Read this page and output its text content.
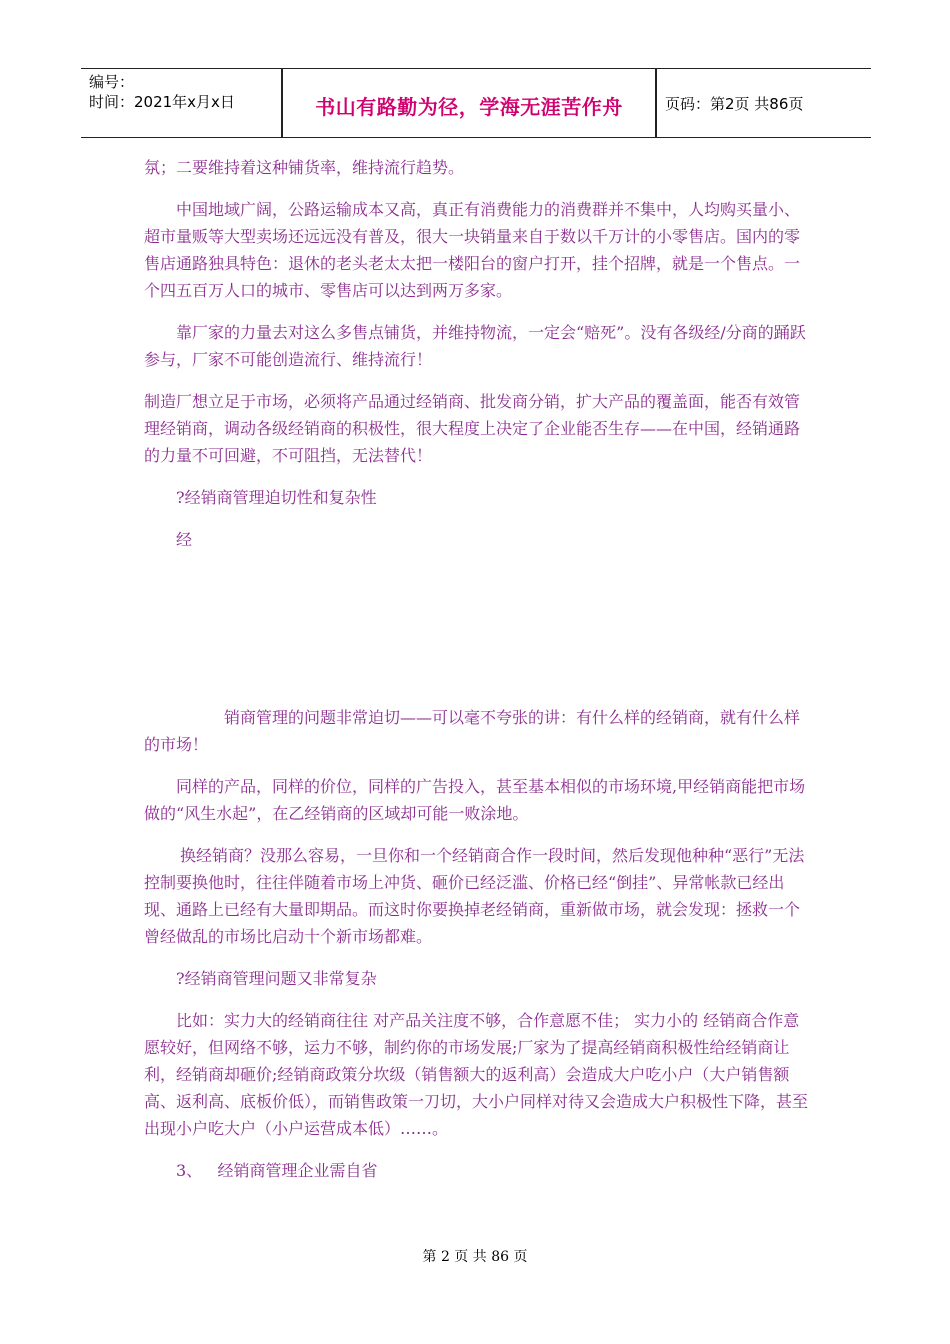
编号：
时间：2021年x月x日	书山有路勤为径，学海无涯苦作舟	页码：第2页 共86页

氛；二要维持着这种铺货率，维持流行趋势。

中国地域广阔，公路运输成本又高，真正有消费能力的消费群并不集中，人均购买量小、超市量贩等大型卖场还远远没有普及，很大一块销量来自于数以千万计的小零售店。国内的零售店通路独具特色：退休的老头老太太把一楼阳台的窗户打开，挂个招牌，就是一个售点。一个四五百万人口的城市、零售店可以达到两万多家。

靠厂家的力量去对这么多售点铺货，并维持物流，一定会“赔死”。没有各级经/分商的踊跃参与，厂家不可能创造流行、维持流行！

制造厂想立足于市场，必须将产品通过经销商、批发商分销，扩大产品的覆盖面，能否有效管理经销商，调动各级经销商的积极性，很大程度上决定了企业能否生存——在中国，经销通路的力量不可回避，不可阻挡，无法替代！

?经销商管理迫切性和复杂性

经

销商管理的问题非常迫切——可以毫不夸张的讲：有什么样的经销商，就有什么样的市场！

同样的产品，同样的价位，同样的广告投入，甚至基本相似的市场环境,甲经销商能把市场做的“风生水起”，在乙经销商的区域却可能一败涂地。

换经销商？没那么容易，一旦你和一个经销商合作一段时间，然后发现他种种“恶行”无法控制要换他时，往往伴随着市场上冲货、砸价已经泛滥、价格已经“倒挂”、异常帐款已经出现、通路上已经有大量即期品。而这时你要换掉老经销商，重新做市场，就会发现：拯救一个曾经做乱的市场比启动十个新市场都难。

?经销商管理问题又非常复杂

比如：实力大的经销商往往 对产品关注度不够，合作意愿不佳； 实力小的 经销商合作意愿较好，但网络不够，运力不够，制约你的市场发展;厂家为了提高经销商积极性给经销商让利，经销商却砸价;经销商政策分坎级（销售额大的返利高）会造成大户吃小户（大户销售额高、返利高、底板价低），而销售政策一刀切，大小户同样对待又会造成大户积极性下降，甚至出现小户吃大户（小户运营成本低）……。

3、   经销商管理企业需自省

第 2 页 共 86 页
